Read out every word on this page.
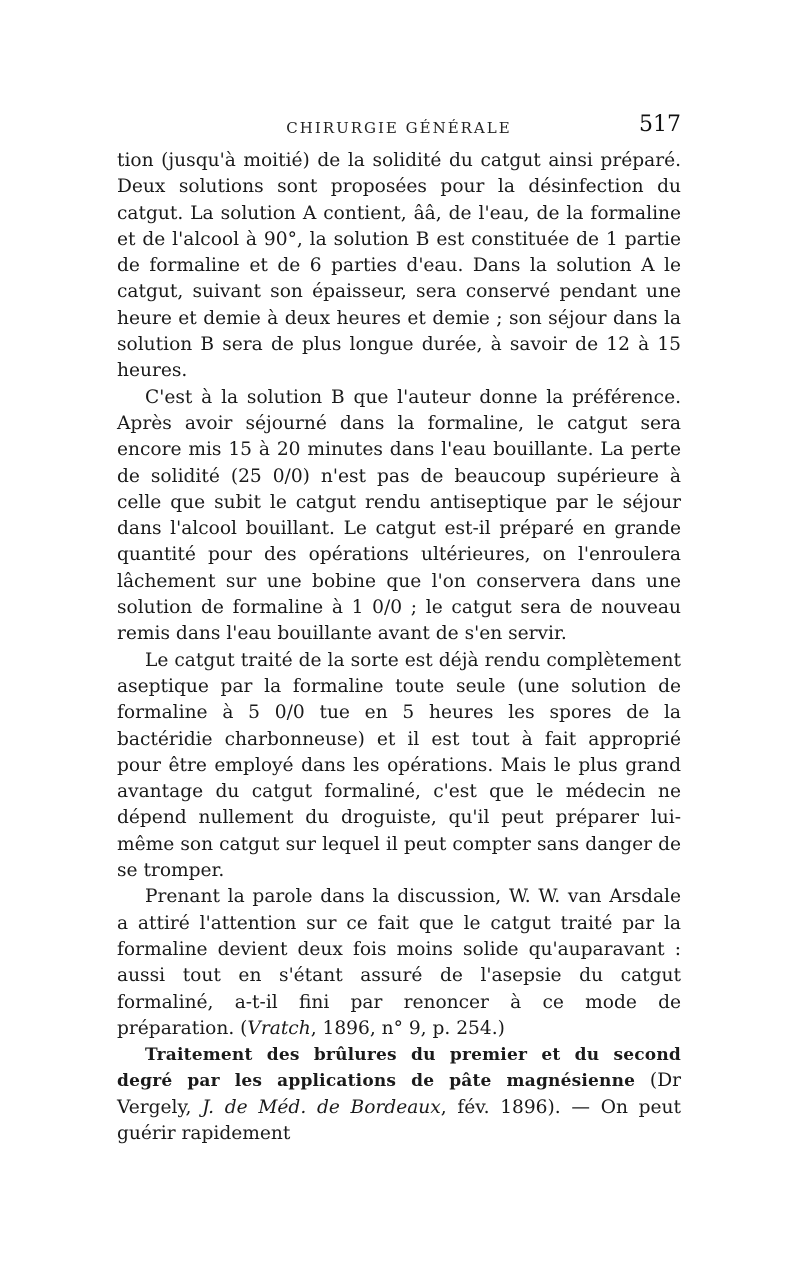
CHIRURGIE GÉNÉRALE	517

tion (jusqu'à moitié) de la solidité du catgut ainsi préparé. Deux solutions sont proposées pour la désinfection du catgut. La solution A contient, ââ, de l'eau, de la formaline et de l'alcool à 90°, la solution B est constituée de 1 partie de formaline et de 6 parties d'eau. Dans la solution A le catgut, suivant son épaisseur, sera conservé pendant une heure et demie à deux heures et demie ; son séjour dans la solution B sera de plus longue durée, à savoir de 12 à 15 heures.

C'est à la solution B que l'auteur donne la préférence. Après avoir séjourné dans la formaline, le catgut sera encore mis 15 à 20 minutes dans l'eau bouillante. La perte de solidité (25 0/0) n'est pas de beaucoup supérieure à celle que subit le catgut rendu antiseptique par le séjour dans l'alcool bouillant. Le catgut est-il préparé en grande quantité pour des opérations ultérieures, on l'enroulera lâchement sur une bobine que l'on conservera dans une solution de formaline à 1 0/0 ; le catgut sera de nouveau remis dans l'eau bouillante avant de s'en servir.

Le catgut traité de la sorte est déjà rendu complètement aseptique par la formaline toute seule (une solution de formaline à 5 0/0 tue en 5 heures les spores de la bactéridie charbonneuse) et il est tout à fait approprié pour être employé dans les opérations. Mais le plus grand avantage du catgut formaliné, c'est que le médecin ne dépend nullement du droguiste, qu'il peut préparer lui-même son catgut sur lequel il peut compter sans danger de se tromper.

Prenant la parole dans la discussion, W. W. van Arsdale a attiré l'attention sur ce fait que le catgut traité par la formaline devient deux fois moins solide qu'auparavant : aussi tout en s'étant assuré de l'asepsie du catgut formaliné, a-t-il fini par renoncer à ce mode de préparation. (Vratch, 1896, n° 9, p. 254.)

Traitement des brûlures du premier et du second degré par les applications de pâte magnésienne (Dr Vergely, J. de Méd. de Bordeaux, fév. 1896). — On peut guérir rapidement
